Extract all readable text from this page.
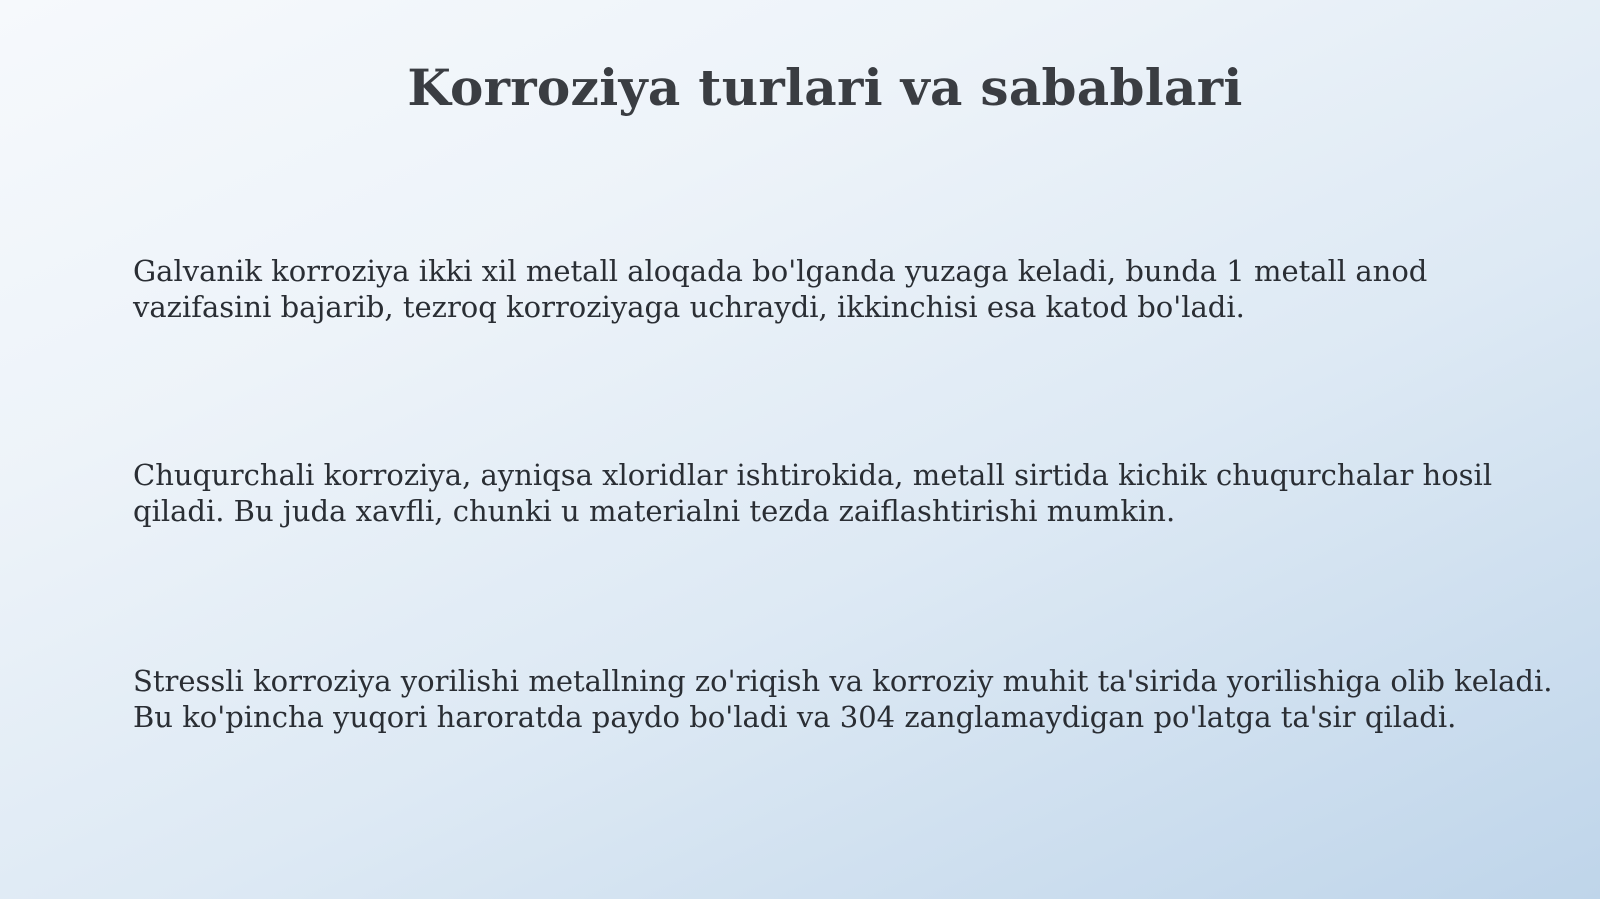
Korroziya turlari va sabablari

Galvanik korroziya ikki xil metall aloqada bo'lganda yuzaga keladi, bunda 1 metall anod vazifasini bajarib, tezroq korroziyaga uchraydi, ikkinchisi esa katod bo'ladi.

Chuqurchali korroziya, ayniqsa xloridlar ishtirokida, metall sirtida kichik chuqurchalar hosil qiladi. Bu juda xavfli, chunki u materialni tezda zaiflashtirishi mumkin.

Stressli korroziya yorilishi metallning zo'riqish va korroziy muhit ta'sirida yorilishiga olib keladi. Bu ko'pincha yuqori haroratda paydo bo'ladi va 304 zanglamaydigan po'latga ta'sir qiladi.
